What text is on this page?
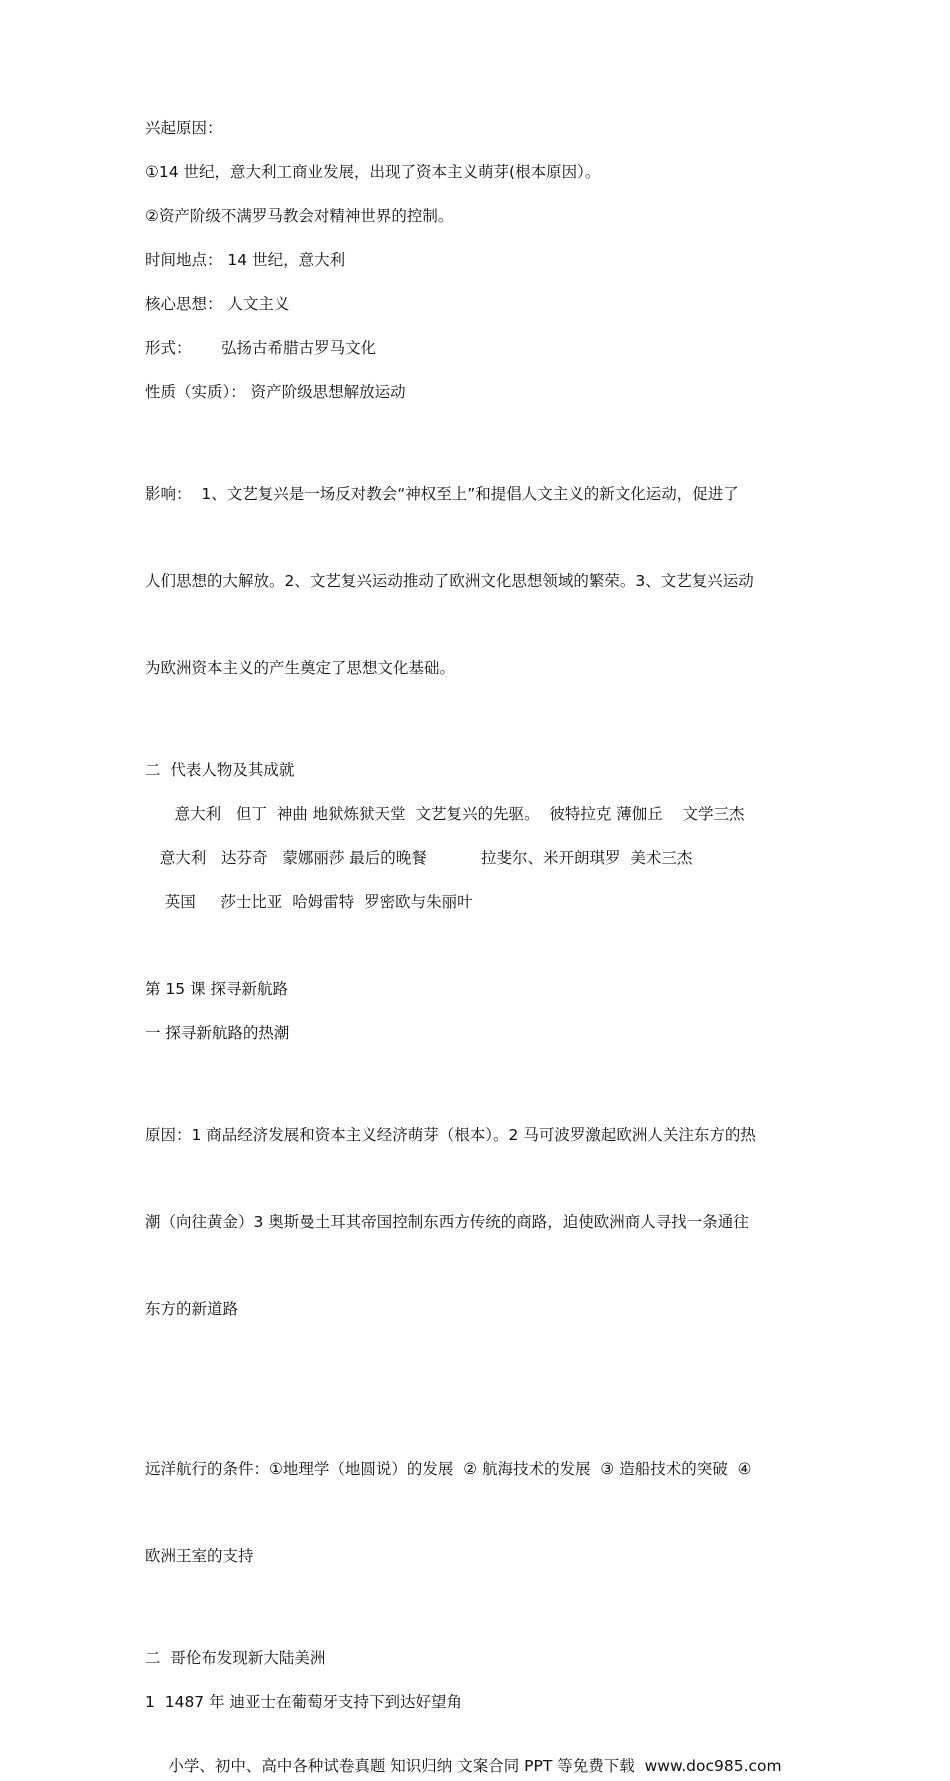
兴起原因：
①14 世纪，意大利工商业发展，出现了资本主义萌芽(根本原因）。
②资产阶级不满罗马教会对精神世界的控制。
时间地点： 14 世纪，意大利
核心思想： 人文主义
形式：      弘扬古希腊古罗马文化
性质（实质）： 资产阶级思想解放运动

影响：  1、文艺复兴是一场反对教会“神权至上”和提倡人文主义的新文化运动，促进了

人们思想的大解放。2、文艺复兴运动推动了欧洲文化思想领域的繁荣。3、文艺复兴运动

为欧洲资本主义的产生奠定了思想文化基础。

二  代表人物及其成就
意大利   但丁  神曲 地狱炼狱天堂  文艺复兴的先驱。  彼特拉克 薄伽丘    文学三杰
意大利   达芬奇   蒙娜丽莎 最后的晚餐           拉斐尔、米开朗琪罗  美术三杰
英国     莎士比亚  哈姆雷特  罗密欧与朱丽叶
第 15 课 探寻新航路
一 探寻新航路的热潮

原因：1 商品经济发展和资本主义经济萌芽（根本）。2 马可波罗激起欧洲人关注东方的热

潮（向往黄金）3 奥斯曼土耳其帝国控制东西方传统的商路，迫使欧洲商人寻找一条通往

东方的新道路

远洋航行的条件：①地理学（地圆说）的发展  ② 航海技术的发展  ③ 造船技术的突破  ④

欧洲王室的支持

二  哥伦布发现新大陆美洲
1  1487 年 迪亚士在葡萄牙支持下到达好望角
小学、初中、高中各种试卷真题 知识归纳 文案合同 PPT 等免费下载  www.doc985.com
